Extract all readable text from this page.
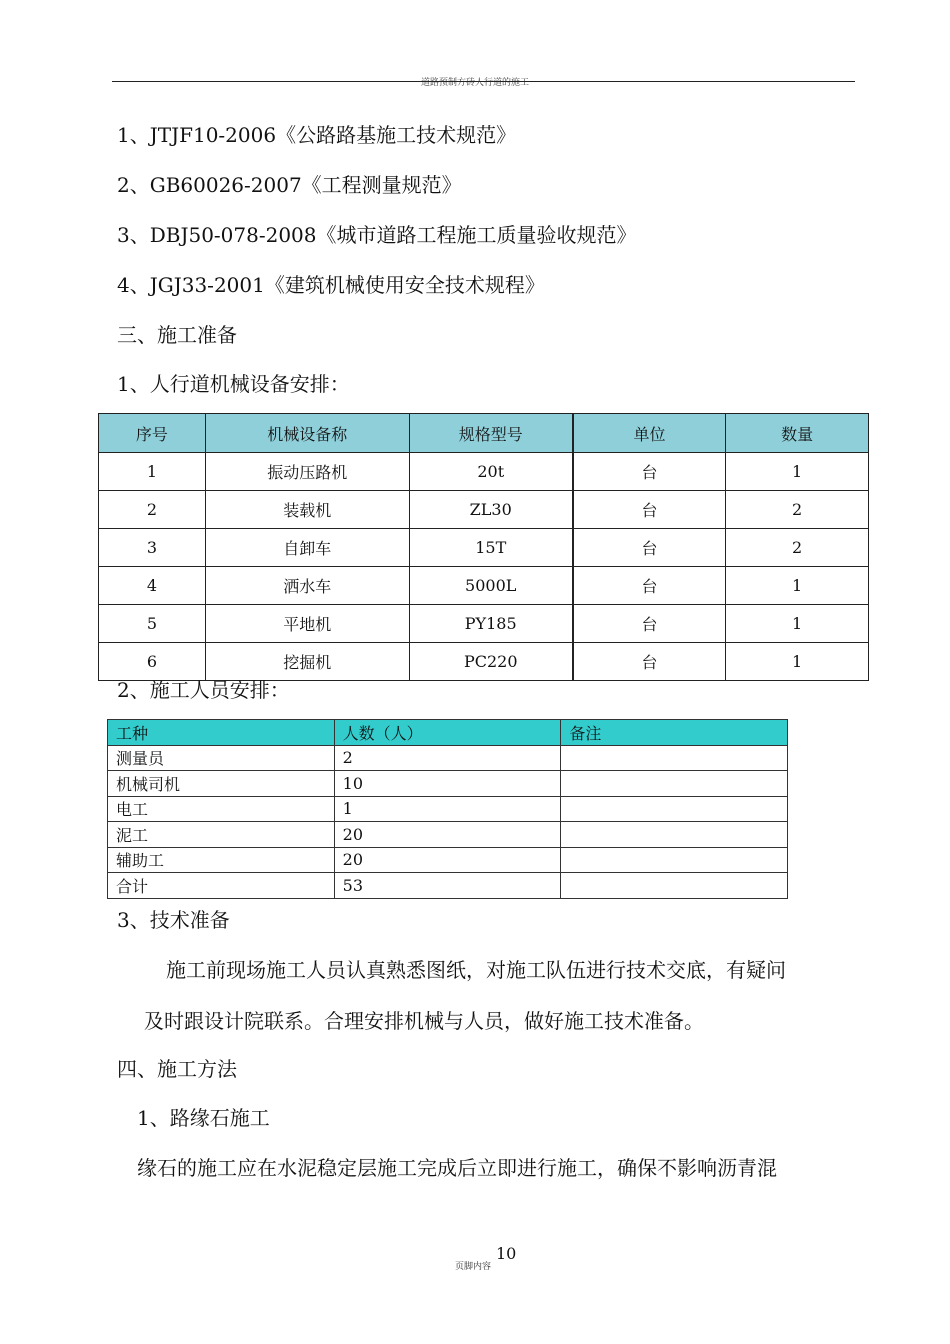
道路预制方砖人行道的施工
1、JTJF10-2006《公路路基施工技术规范》
2、GB60026-2007《工程测量规范》
3、DBJ50-078-2008《城市道路工程施工质量验收规范》
4、JGJ33-2001《建筑机械使用安全技术规程》
三、施工准备
1、人行道机械设备安排：
序号	机械设备称	规格型号	单位	数量
1	振动压路机	20t	台	1
2	装载机	ZL30	台	2
3	自卸车	15T	台	2
4	洒水车	5000L	台	1
5	平地机	PY185	台	1
6	挖掘机	PC220	台	1
2、施工人员安排：
工种	人数（人）	备注
测量员	2	
机械司机	10	
电工	1	
泥工	20	
辅助工	20	
合计	53	
3、技术准备
施工前现场施工人员认真熟悉图纸，对施工队伍进行技术交底，有疑问
及时跟设计院联系。合理安排机械与人员，做好施工技术准备。
四、施工方法
1、路缘石施工
缘石的施工应在水泥稳定层施工完成后立即进行施工，确保不影响沥青混
页脚内容
10
